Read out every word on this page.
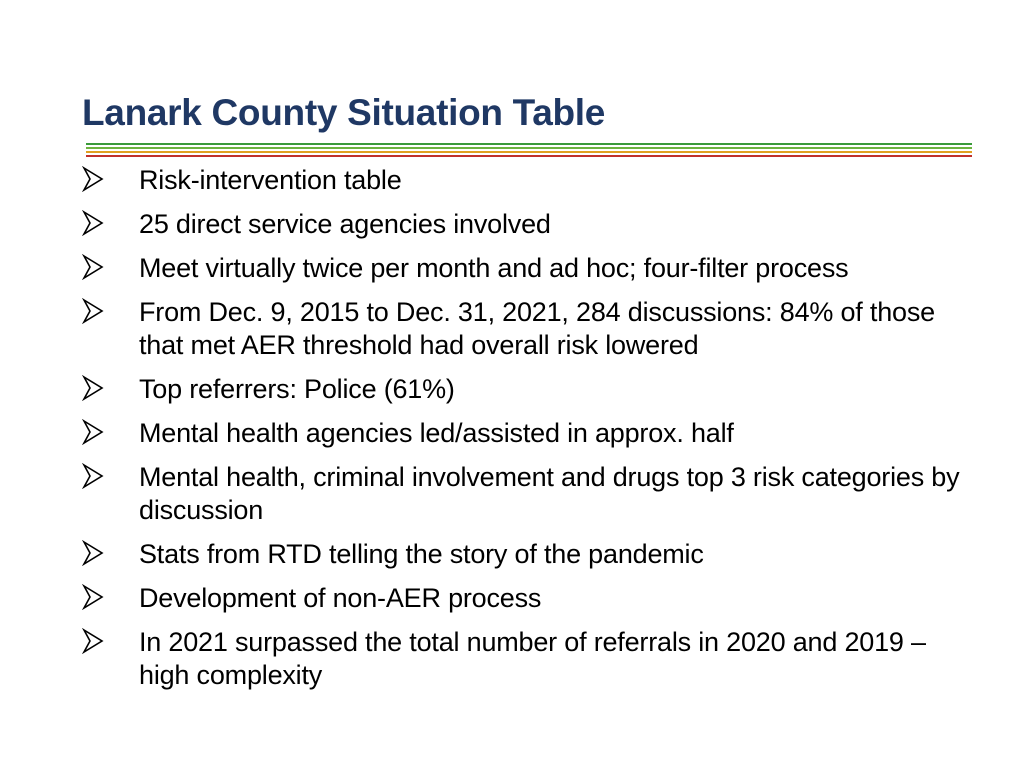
Lanark County Situation Table
Risk-intervention table
25 direct service agencies involved
Meet virtually twice per month and ad hoc; four-filter process
From Dec. 9, 2015 to Dec. 31, 2021, 284 discussions: 84% of those that met AER threshold had overall risk lowered
Top referrers: Police (61%)
Mental health agencies led/assisted in approx. half
Mental health, criminal involvement and drugs top 3 risk categories by discussion
Stats from RTD telling the story of the pandemic
Development of non-AER process
In 2021 surpassed the total number of referrals in 2020 and 2019 – high complexity
